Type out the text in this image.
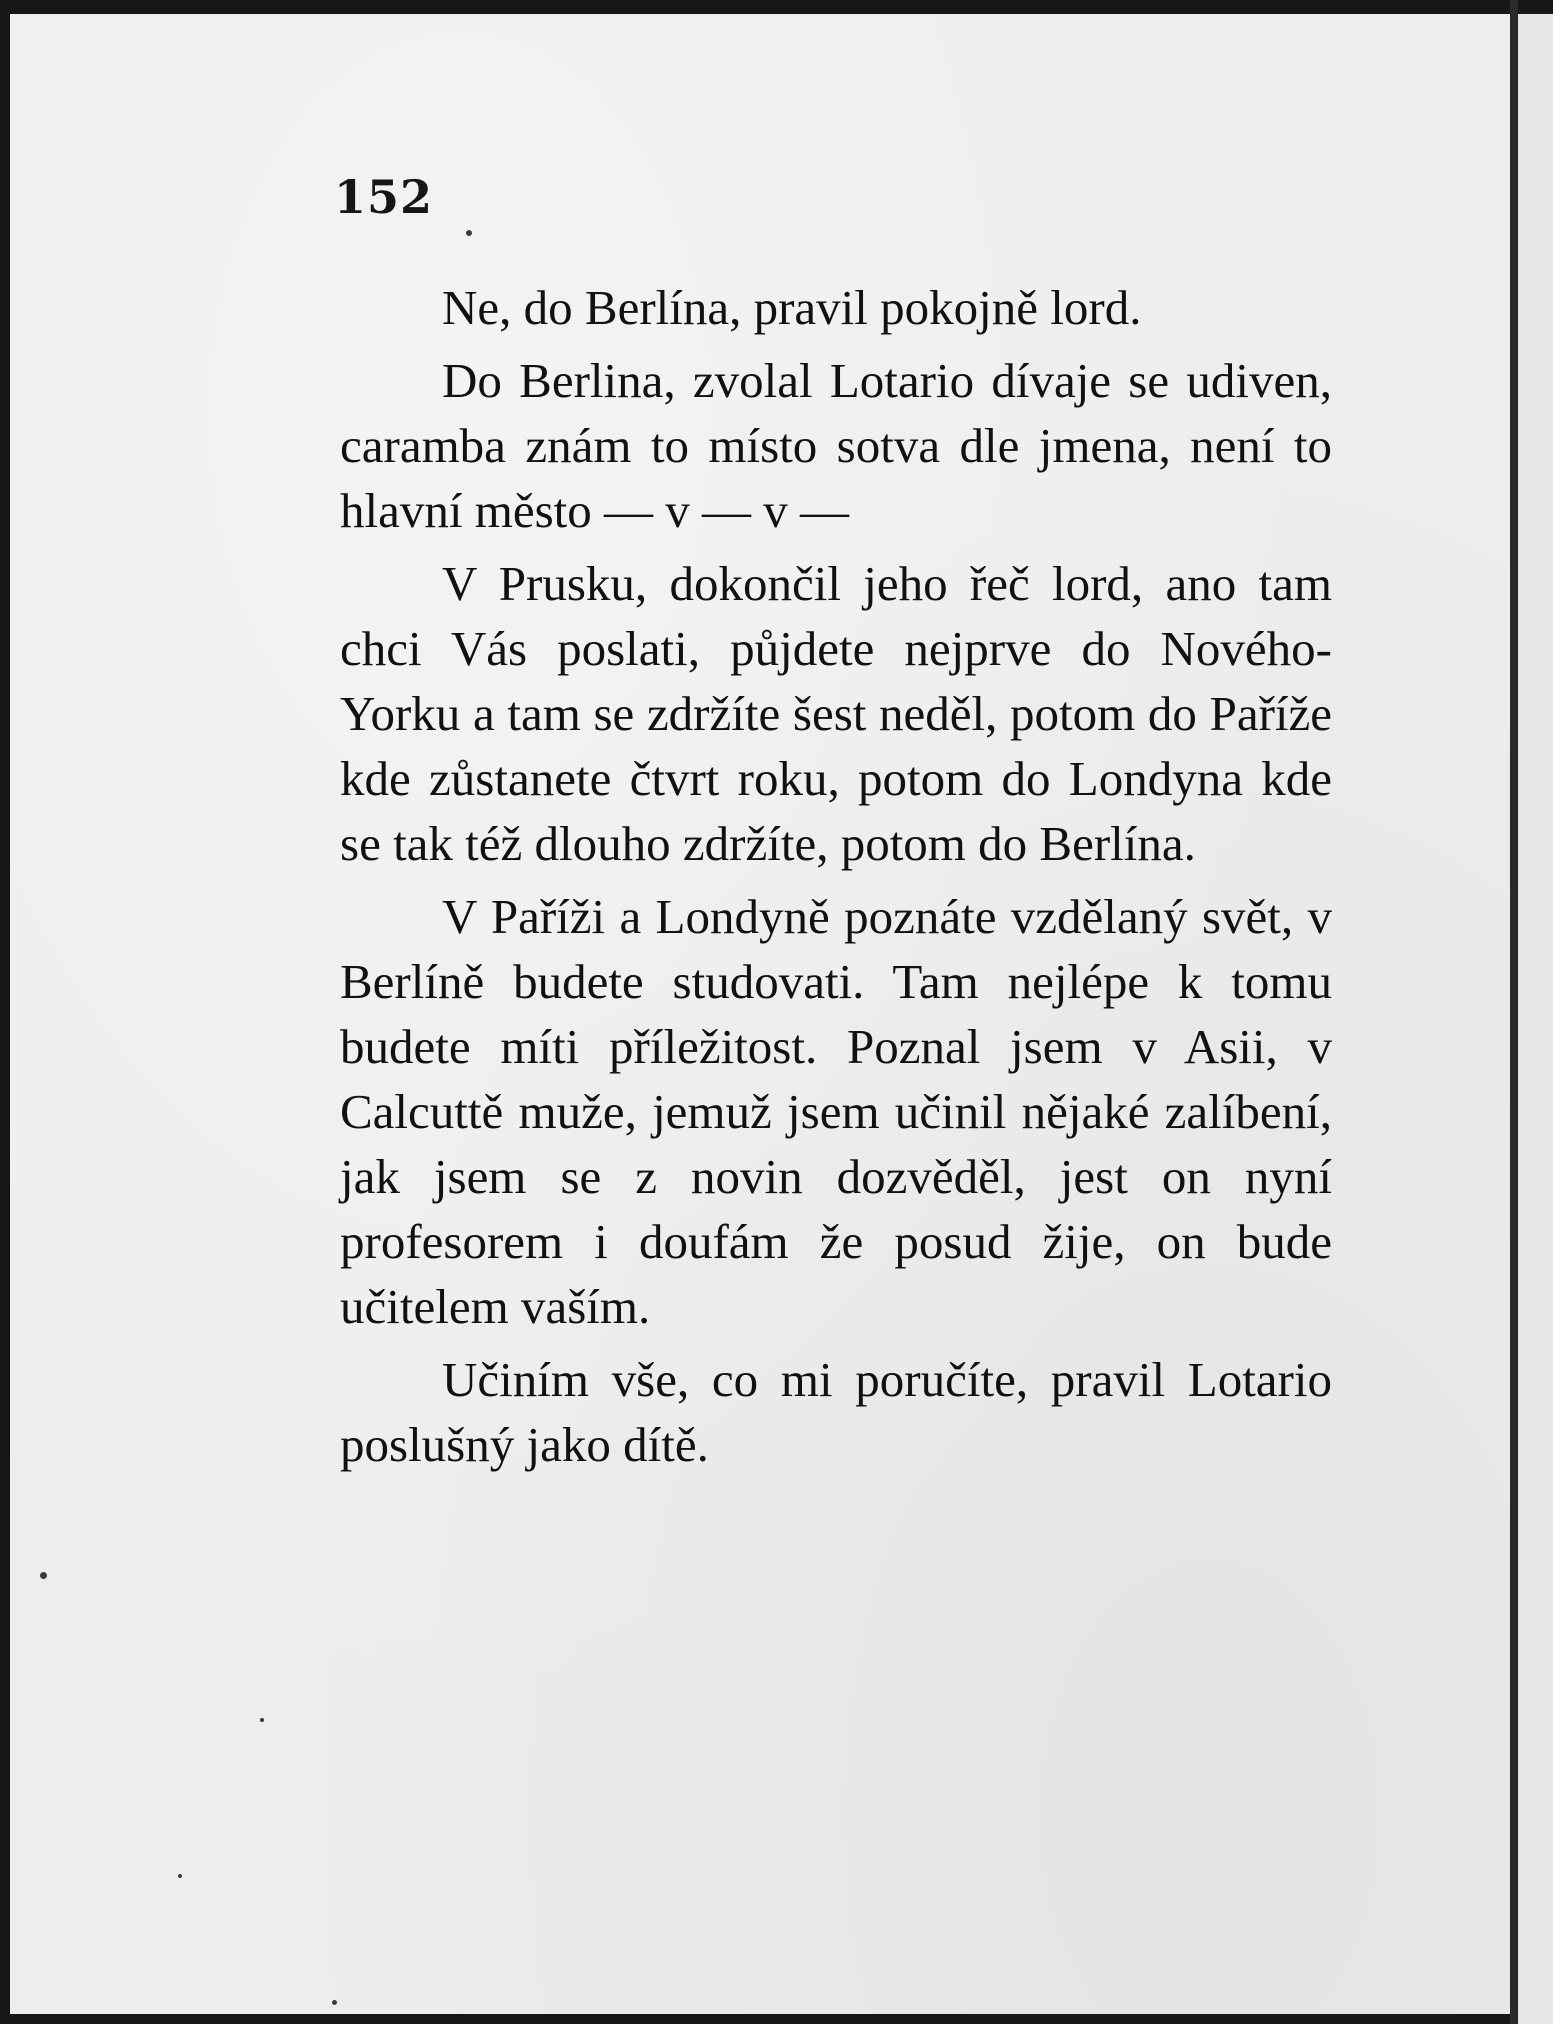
152

Ne, do Berlína, pravil pokojně lord.

Do Berlina, zvolal Lotario dívaje se udiven, caramba znám to místo sotva dle jmena, není to hlavní město — v — v —

V Prusku, dokončil jeho řeč lord, ano tam chci Vás poslati, půjdete nejprve do Nového-Yorku a tam se zdržíte šest neděl, potom do Paříže kde zůstanete čtvrt roku, potom do Londyna kde se tak též dlouho zdržíte, potom do Berlína.

V Paříži a Londyně poznáte vzdělaný svět, v Berlíně budete studovati. Tam nejlépe k tomu budete míti příležitost. Poznal jsem v Asii, v Calcuttě muže, jemuž jsem učinil nějaké zalíbení, jak jsem se z novin dozvěděl, jest on nyní profesorem i doufám že posud žije, on bude učitelem vaším.

Učiním vše, co mi poručíte, pravil Lotario poslušný jako dítě.
